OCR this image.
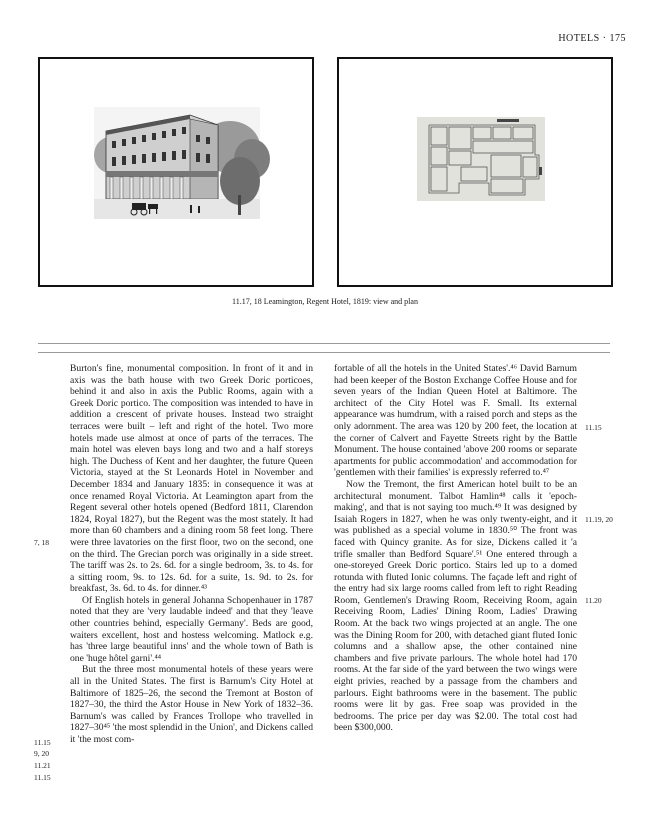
HOTELS · 175
11.17, 18 Leamington, Regent Hotel, 1819: view and plan

Burton's fine, monumental composition. In front of it and in axis was the bath house with two Greek Doric porticoes, behind it and also in axis the Public Rooms, again with a Greek Doric portico. The composition was intended to have in addition a crescent of private houses. Instead two straight terraces were built – left and right of the hotel. Two more hotels made use almost at once of parts of the terraces. The main hotel was eleven bays long and two and a half storeys high. The Duchess of Kent and her daughter, the future Queen Victoria, stayed at the St Leonards Hotel in November and December 1834 and January 1835: in consequence it was at once renamed Royal Victoria. At Leamington apart from the Regent several other hotels opened (Bedford 1811, Clarendon 1824, Royal 1827), but the Regent was the most stately. It had more than 60 chambers and a dining room 58 feet long. There were three lavatories on the first floor, two on the second, one on the third. The Grecian porch was originally in a side street. The tariff was 2s. to 2s. 6d. for a single bedroom, 3s. to 4s. for a sitting room, 9s. to 12s. 6d. for a suite, 1s. 9d. to 2s. for breakfast, 3s. 6d. to 4s. for dinner.⁴³

Of English hotels in general Johanna Schopenhauer in 1787 noted that they are 'very laudable indeed' and that they 'leave other countries behind, especially Germany'. Beds are good, waiters excellent, host and hostess welcoming. Matlock e.g. has 'three large beautiful inns' and the whole town of Bath is one 'huge hôtel garni'.⁴⁴

But the three most monumental hotels of these years were all in the United States. The first is Barnum's City Hotel at Baltimore of 1825–26, the second the Tremont at Boston of 1827–30, the third the Astor House in New York of 1832–36. Barnum's was called by Frances Trollope who travelled in 1827–30⁴⁵ 'the most splendid in the Union', and Dickens called it 'the most com-

fortable of all the hotels in the United States'.⁴⁶ David Barnum had been keeper of the Boston Exchange Coffee House and for seven years of the Indian Queen Hotel at Baltimore. The architect of the City Hotel was F. Small. Its external appearance was humdrum, with a raised porch and steps as the only adornment. The area was 120 by 200 feet, the location at the corner of Calvert and Fayette Streets right by the Battle Monument. The house contained 'above 200 rooms or separate apartments for public accommodation' and accommodation for 'gentlemen with their families' is expressly referred to.⁴⁷

Now the Tremont, the first American hotel built to be an architectural monument. Talbot Hamlin⁴⁸ calls it 'epoch-making', and that is not saying too much.⁴⁹ It was designed by Isaiah Rogers in 1827, when he was only twenty-eight, and it was published as a special volume in 1830.⁵⁰ The front was faced with Quincy granite. As for size, Dickens called it 'a trifle smaller than Bedford Square'.⁵¹ One entered through a one-storeyed Greek Doric portico. Stairs led up to a domed rotunda with fluted Ionic columns. The façade left and right of the entry had six large rooms called from left to right Reading Room, Gentlemen's Drawing Room, Receiving Room, again Receiving Room, Ladies' Dining Room, Ladies' Drawing Room. At the back two wings projected at an angle. The one was the Dining Room for 200, with detached giant fluted Ionic columns and a shallow apse, the other contained nine chambers and five private parlours. The whole hotel had 170 rooms. At the far side of the yard between the two wings were eight privies, reached by a passage from the chambers and parlours. Eight bathrooms were in the basement. The public rooms were lit by gas. Free soap was provided in the bedrooms. The price per day was $2.00. The total cost had been $300,000.

7, 18
11.15
9, 20
11.21
11.15
11.15
11.19, 20
11.20
